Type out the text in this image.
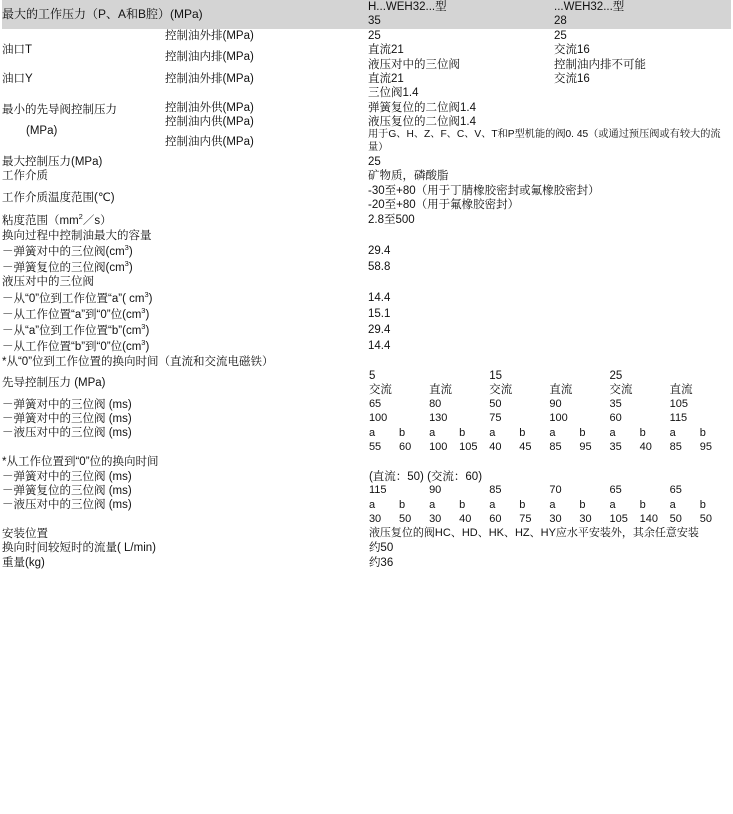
最大的工作压力（P、A和B腔）(MPa)		H...WEH32...型	...WEH32...型
		35	28
油口T	控制油外排(MPa)	25	25
	控制油内排(MPa)	直流21	交流16
		液压对中的三位阀	控制油内排不可能
油口Y	控制油外排(MPa)	直流21	交流16

最小的先导阀控制压力
(MPa)		三位阀1.4	
	控制油外供(MPa)	弹簧复位的二位阀1.4	
	控制油内供(MPa)	液压复位的二位阀1.4	
	控制油内供(MPa)	用于G、H、Z、F、C、V、T和P型机能的阀0. 45（或通过预压阀或有较大的流量）	
最大控制压力(MPa)		25	
工作介质		矿物质，磷酸脂	
工作介质温度范围(℃)		-30至+80（用于丁腈橡胶密封或氟橡胶密封）	
		-20至+80（用于氟橡胶密封）	
粘度范围$(mm^2/s)$		2.8至500	
换向过程中控制油最大的容量			
－弹簧对中的三位阀$(cm^3)$		29.4	
－弹簧复位的三位阀$(cm^3)$		58.8	
液压对中的三位阀			
－从“0”位到工作位置“a”( $cm^3$)		14.4	
－从工作位置“a”到“0”位$(cm^3)$		15.1	
－从“a”位到工作位置“$b”(cm^3)$		29.4	
－从工作位置“b”到“0”位$(cm^3)$		14.4	
*从“0”位到工作位置的换向时间（直流和交流电磁铁）			
先导控制压力 (MPa)	5				15				25			
	交流		直流		交流		直流		交流		直流	
－弹簧对中的三位阀 (ms)	65		80		50		90		35		105	
－弹簧对中的三位阀 (ms)	100		130		75		100		60		115	
－液压对中的三位阀 (ms)	a	b	a	b	a	b	a	b	a	b	a	b
	55	60	100	105	40	45	85	95	35	40	85	95
*从工作位置到“0”位的换向时间												
－弹簧对中的三位阀 (ms)	(直流：50) (交流：60)											
－弹簧复位的三位阀 (ms)	115		90		85		70		65		65	
－液压对中的三位阀 (ms)	a	b	a	b	a	b	a	b	a	b	a	b
	30	50	30	40	60	75	30	30	105	140	50	50
安装位置	液压复位的阀HC、HD、HK、HZ、HY应水平安装外，其余任意安装											
换向时间较短时的流量( L/min)	约50											
重量(kg)	约36											
